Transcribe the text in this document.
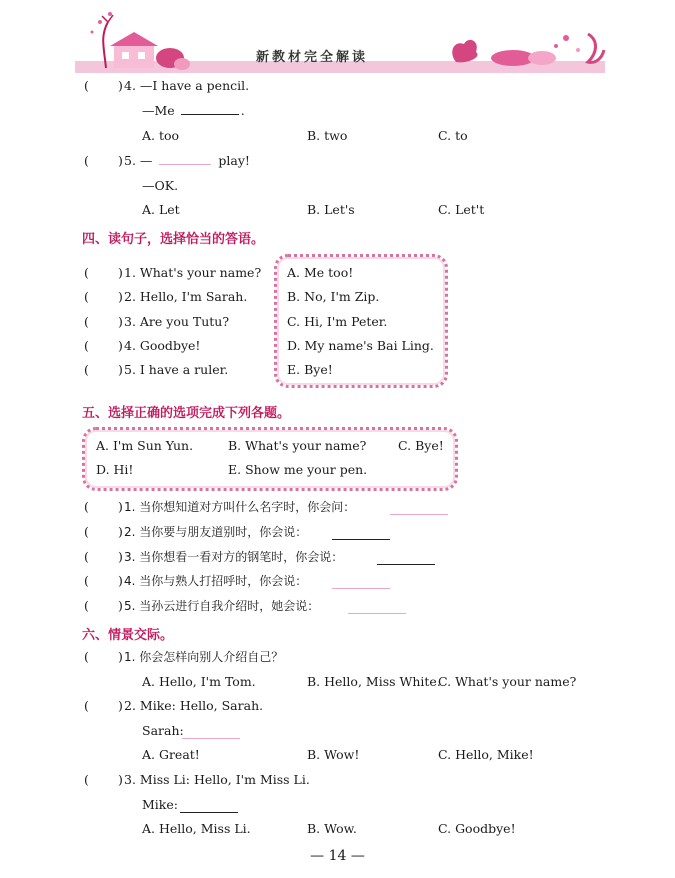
新教材完全解读
( ) 4. —I have a pencil.
—Me	.
A. too	B. two	C. to
( ) 5. —	play!
—OK.
A. Let	B. Let's	C. Let't
四、读句子，选择恰当的答语。
( ) 1. What's your name? A. Me too!
( ) 2. Hello, I'm Sarah.	B. No, I'm Zip.
( ) 3. Are you Tutu?	C. Hi, I'm Peter.
( ) 4. Goodbye!	D. My name's Bai Ling.
( ) 5. I have a ruler.	E. Bye!
五、选择正确的选项完成下列各题。
A. I'm Sun Yun.	B. What's your name?	C. Bye!
D. Hi!	E. Show me your pen.
( ) 1. 当你想知道对方叫什么名字时，你会问：
( ) 2. 当你要与朋友道别时，你会说：
( ) 3. 当你想看一看对方的钢笔时，你会说：
( ) 4. 当你与熟人打招呼时，你会说：
( ) 5. 当孙云进行自我介绍时，她会说：
六、情景交际。
( ) 1. 你会怎样向别人介绍自己？
A. Hello, I'm Tom.	B. Hello, Miss White.
C. What's your name?
( ) 2. Mike: Hello, Sarah.
Sarah:
A. Great!	B. Wow!	C. Hello, Mike!
( ) 3. Miss Li: Hello, I'm Miss Li.
Mike:
A. Hello, Miss Li.	B. Wow.	C. Goodbye!
— 14 —
